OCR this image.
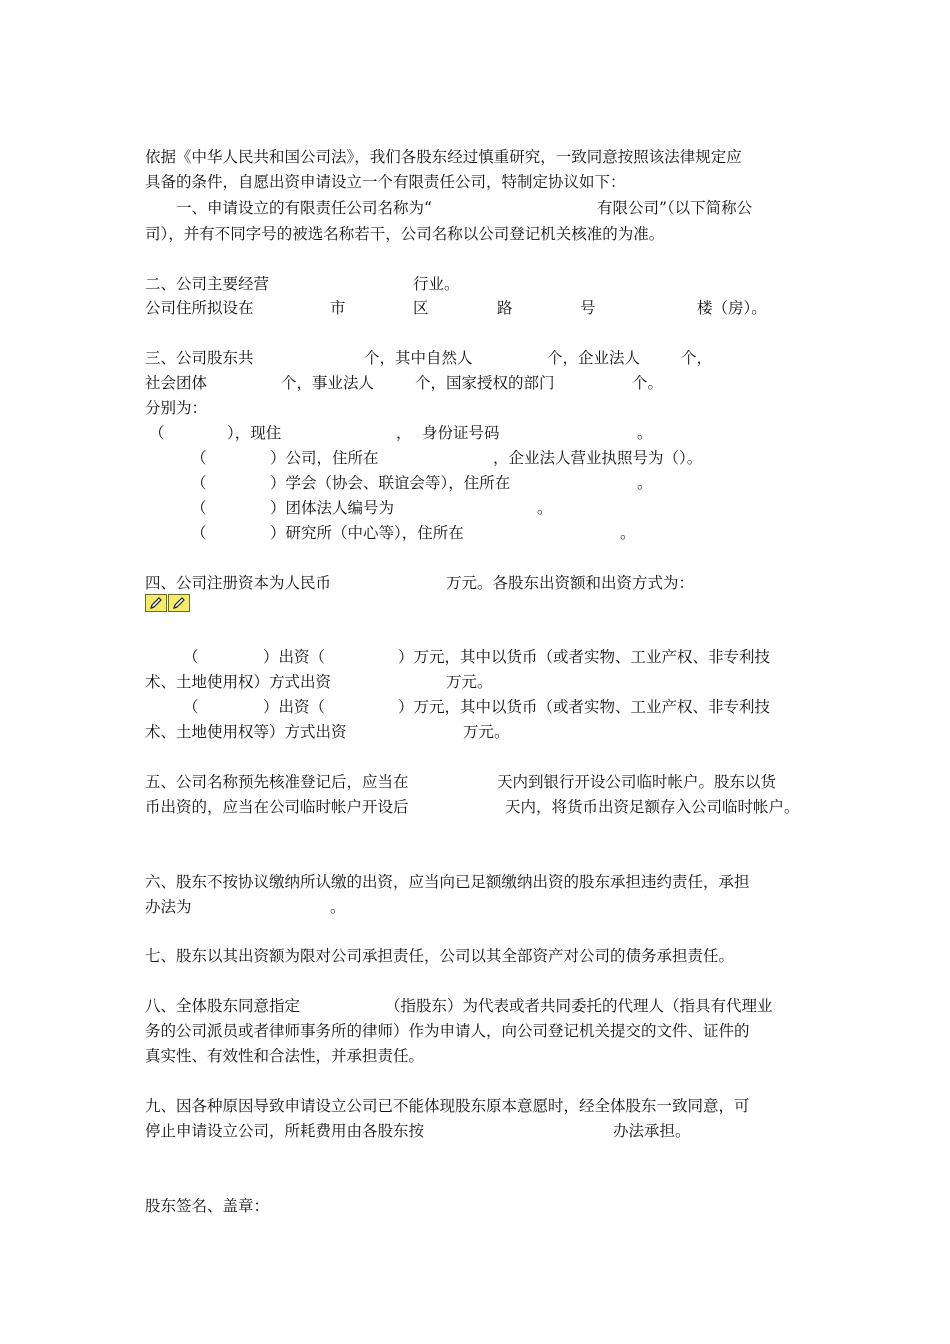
依据《中华人民共和国公司法》，我们各股东经过慎重研究，一致同意按照该法律规定应
具备的条件，自愿出资申请设立一个有限责任公司，特制定协议如下：
一、申请设立的有限责任公司名称为“	有限公司”（以下简称公
司），并有不同字号的被选名称若干，公司名称以公司登记机关核准的为准。
二、公司主要经营	行业。
公司住所拟设在	市	区	路	号	楼（房）。
三、公司股东共	个，其中自然人	个，企业法人	个，
社会团体	个，事业法人	个，国家授权的部门	个。
分别为：
（	），现住	， 身份证号码	。
（	）公司，住所在	，企业法人营业执照号为（）。
（	）学会（协会、联谊会等），住所在	。
（	）团体法人编号为	。
（	）研究所（中心等），住所在	。
四、公司注册资本为人民币	万元。各股东出资额和出资方式为：
（	）出资（	）万元，其中以货币（或者实物、工业产权、非专利技
术、土地使用权）方式出资	万元。
（	）出资（	）万元，其中以货币（或者实物、工业产权、非专利技
术、土地使用权等）方式出资	万元。
五、公司名称预先核准登记后，应当在	天内到银行开设公司临时帐户。股东以货
币出资的，应当在公司临时帐户开设后	天内，将货币出资足额存入公司临时帐户。
六、股东不按协议缴纳所认缴的出资，应当向已足额缴纳出资的股东承担违约责任，承担
办法为	。
七、股东以其出资额为限对公司承担责任，公司以其全部资产对公司的债务承担责任。
八、全体股东同意指定	（指股东）为代表或者共同委托的代理人（指具有代理业
务的公司派员或者律师事务所的律师）作为申请人，向公司登记机关提交的文件、证件的
真实性、有效性和合法性，并承担责任。
九、因各种原因导致申请设立公司已不能体现股东原本意愿时，经全体股东一致同意，可
停止申请设立公司，所耗费用由各股东按	办法承担。
股东签名、盖章：
